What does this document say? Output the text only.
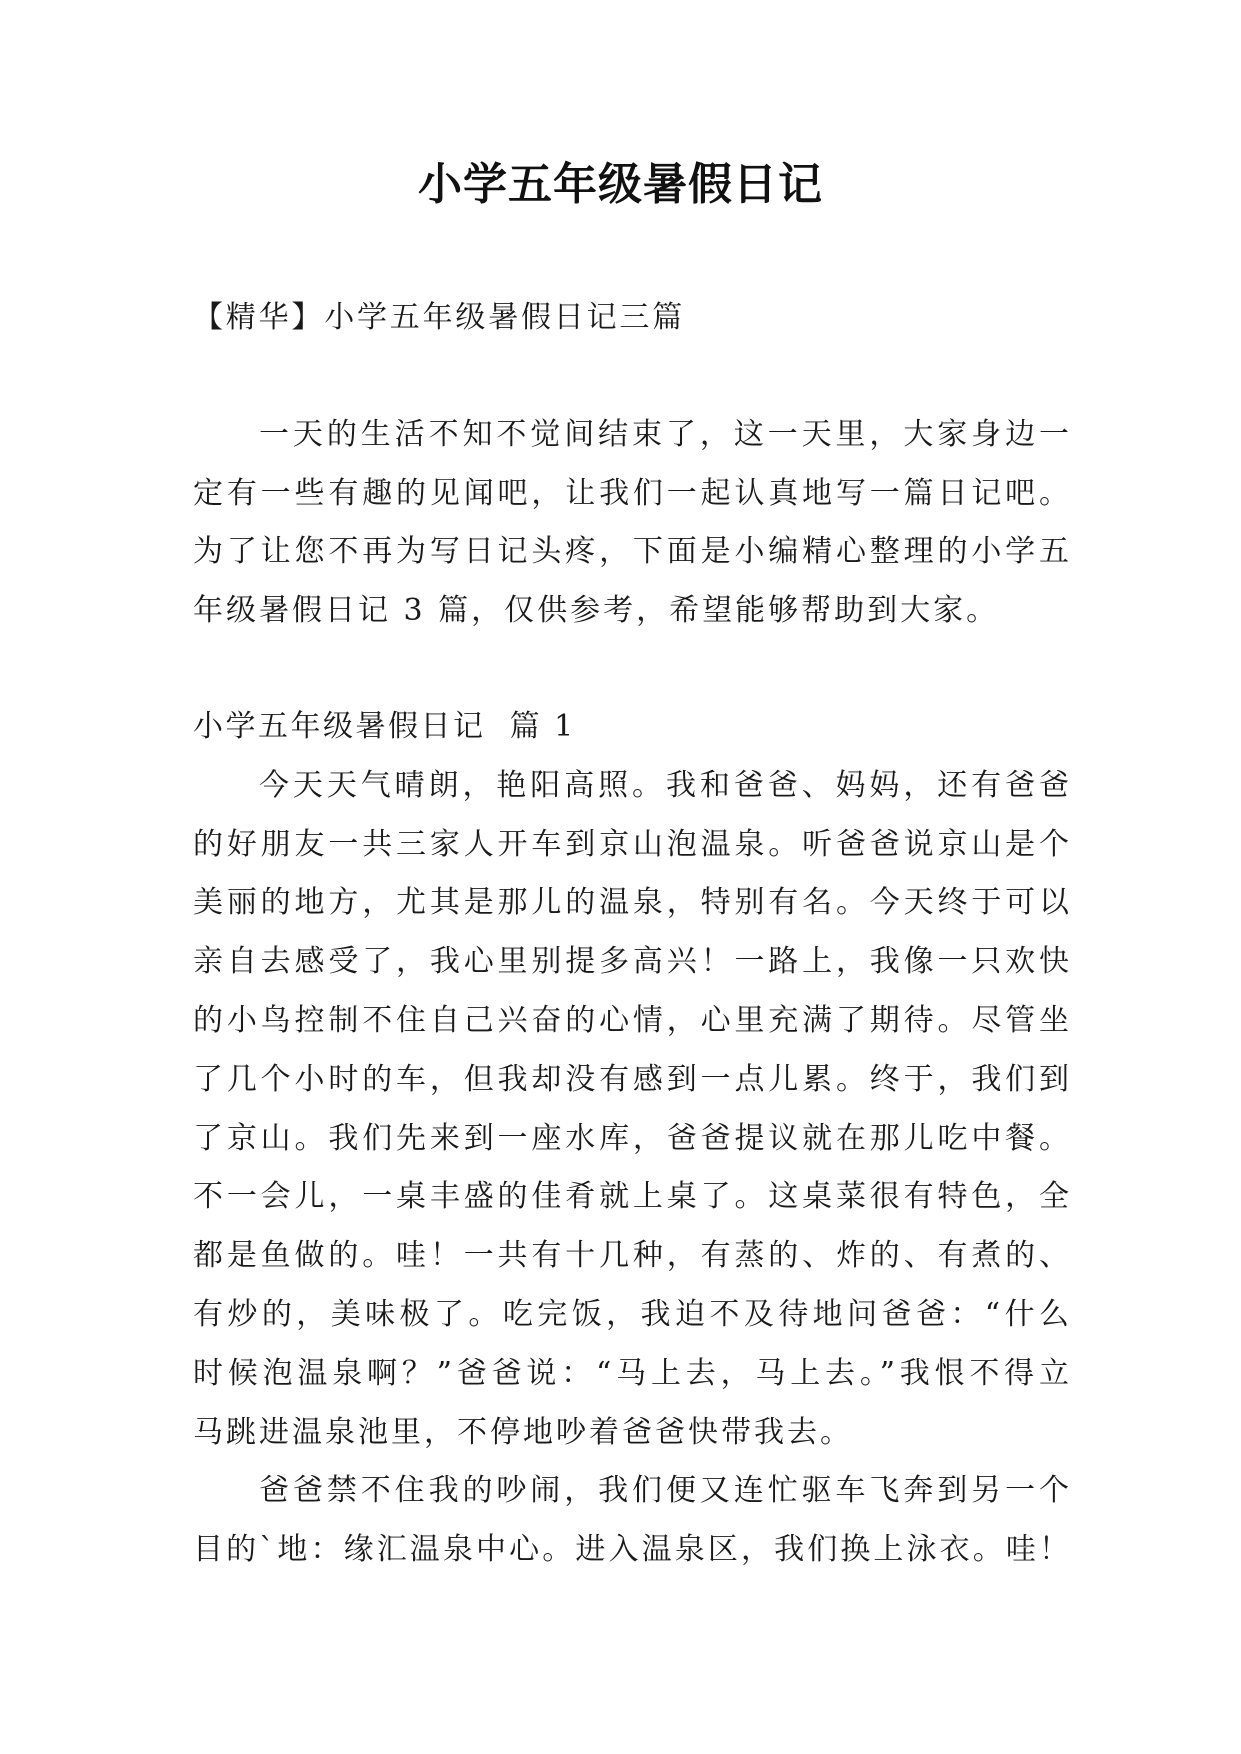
小学五年级暑假日记
【精华】小学五年级暑假日记三篇
一天的生活不知不觉间结束了，这一天里，大家身边一
定有一些有趣的见闻吧，让我们一起认真地写一篇日记吧。
为了让您不再为写日记头疼，下面是小编精心整理的小学五
年级暑假日记 3 篇，仅供参考，希望能够帮助到大家。
小学五年级暑假日记  篇 1
今天天气晴朗，艳阳高照。我和爸爸、妈妈，还有爸爸
的好朋友一共三家人开车到京山泡温泉。听爸爸说京山是个
美丽的地方，尤其是那儿的温泉，特别有名。今天终于可以
亲自去感受了，我心里别提多高兴！一路上，我像一只欢快
的小鸟控制不住自己兴奋的心情，心里充满了期待。尽管坐
了几个小时的车，但我却没有感到一点儿累。终于，我们到
了京山。我们先来到一座水库，爸爸提议就在那儿吃中餐。
不一会儿，一桌丰盛的佳肴就上桌了。这桌菜很有特色，全
都是鱼做的。哇！一共有十几种，有蒸的、炸的、有煮的、
有炒的，美味极了。吃完饭，我迫不及待地问爸爸：“什么
时候泡温泉啊？”爸爸说：“马上去，马上去。”我恨不得立
马跳进温泉池里，不停地吵着爸爸快带我去。
爸爸禁不住我的吵闹，我们便又连忙驱车飞奔到另一个
目的`地：缘汇温泉中心。进入温泉区，我们换上泳衣。哇！
